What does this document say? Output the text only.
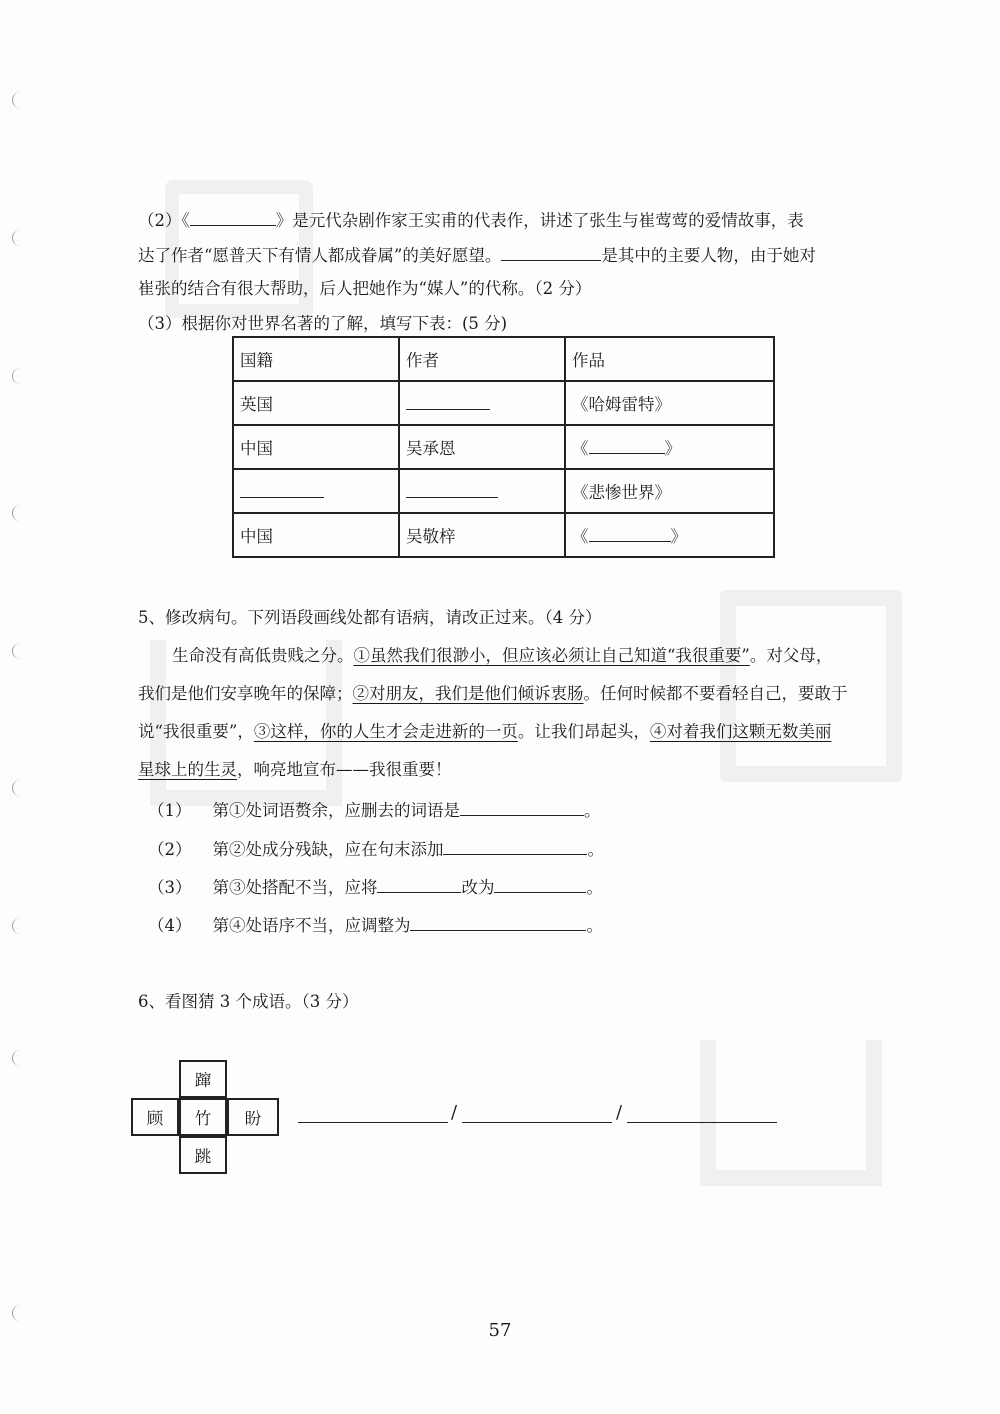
（2）《	》是元代杂剧作家王实甫的代表作，讲述了张生与崔莺莺的爱情故事，表
达了作者“愿普天下有情人都成眷属”的美好愿望。	是其中的主要人物，由于她对
崔张的结合有很大帮助，后人把她作为“媒人”的代称。（2 分）
（3）根据你对世界名著的了解，填写下表：(5 分)
国籍	作者	作品
英国		《哈姆雷特》
中国	吴承恩	《 》
		《悲惨世界》
中国	吴敬梓	《 》
5、修改病句。下列语段画线处都有语病，请改正过来。（4 分）
生命没有高低贵贱之分。①虽然我们很渺小，但应该必须让自己知道“我很重要”。对父母，
我们是他们安享晚年的保障；②对朋友，我们是他们倾诉衷肠。任何时候都不要看轻自己，要敢于
说“我很重要”，③这样，你的人生才会走进新的一页。让我们昂起头，④对着我们这颗无数美丽
星球上的生灵，响亮地宣布——我很重要！
（1） 第①处词语赘余，应删去的词语是	。
（2） 第②处成分残缺，应在句末添加	。
（3） 第③处搭配不当，应将	改为	。
（4） 第④处语序不当，应调整为	。
6、看图猜 3 个成语。（3 分）
蹿
顾	竹	盼
跳
/	/
57
